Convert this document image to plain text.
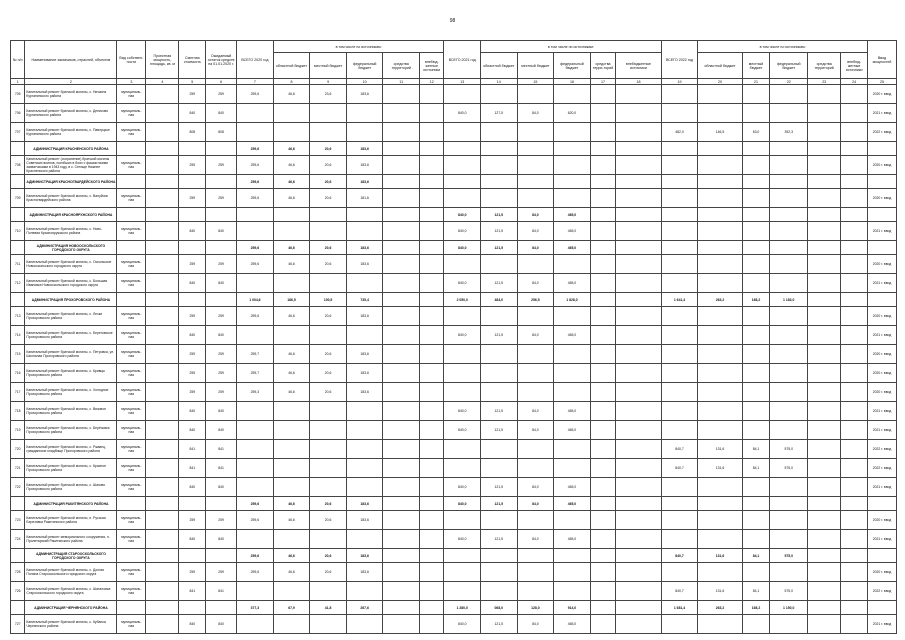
98
№ п/п	Наименование заказчиков, отраслей, объектов	Вид собствен-ности	Проектная мощность, площадь, кв. м	Сметная стоимость	Ожидаемый остаток средств на 01.01.2020 г.	ВСЕГО 2020 год	в том числе по источникам:					ВСЕГО 2021 год	в том числе по источникам:					ВСЕГО 2022 год	в том числе по источникам:					Ввод мощностей
							областной бюджет	местный бюджет	федеральный бюджет	средства территорий	внебюд-жетные источники		областной бюджет	местный бюджет	федеральный бюджет	средства терри-торий	внебюджетные источники		областной бюджет	местный бюджет	федеральный бюджет	средства территорий	внебюд-жетные источники	
1	2	3	4	5	6	7	8	9	10	11	12	13	14	15	16	17	18	19	20	21	22	23	24	25
705	Капитальный ремонт братской могилы, с. Ничкина Курганинского района	муниципаль-ная		259	259	259,6	46,6	23,6	183,6															2020 г. ввод
706	Капитальный ремонт братской могилы, с. Денисово Курганинского района	муниципаль-ная		840	840							840,0	127,5	84,0	620,0									2021 г. ввод
707	Капитальный ремонт братской могилы, с. Павлуцкое Курганинского района	муниципаль-ная		808	808													482,0	146,5	63,0	392,3			2022 г. ввод
	АДМИНИСТРАЦИЯ КРАСНЕНСКОГО РАЙОНА					259,6	46,6	20,6	183,6															
708	Капитальный ремонт (сохранение) братской могилы Советских воинов, погибших в боях с фашистскими захватчиками в 1943 году, в с. Сетище Нижнее Красненского района	муниципаль-ная		259	259	259,6	46,6	20,6	183,6															2020 г. ввод
	АДМИНИСТРАЦИЯ КРАСНОГВАРДЕЙСКОГО РАЙОНА					259,6	46,6	20,6	183,6															
709	Капитальный ремонт братской могилы, с. Валуйчик Красногвардейского района	муниципаль-ная		259	259	259,6	46,6	20,6	181,6															2020 г. ввод
	АДМИНИСТРАЦИЯ КРАСНОЯРУЖСКОГО РАЙОНА											840,0	121,5	84,0	465,0									
710	Капитальный ремонт братской могилы, с. Ново-Полевая Краснояружского района	муниципаль-ная		840	840							840,0	121,5	84,0	465,0									2021 г. ввод
	АДМИНИСТРАЦИЯ НОВООСКОЛЬСКОГО ГОРОДСКОГО ОКРУГА					259,6	46,6	20,6	183,6			840,0	121,5	84,0	465,0									
711	Капитальный ремонт братской могилы, с. Оскольское Новооскольского городского округа	муниципаль-ная		259	259	259,6	46,6	20,6	183,6															2020 г. ввод
712	Капитальный ремонт братской могилы, с. Большая Ивановка Новооскольского городского округа	муниципаль-ная		840	840							840,0	121,5	84,0	465,0									2021 г. ввод
	АДМИНИСТРАЦИЯ ПРОХОРОВСКОГО РАЙОНА					1 004,6	186,5	100,5	735,4			2 050,0	484,0	256,5	1 828,0			1 641,4	263,2	168,2	1 183,0			
713	Капитальный ремонт братской могилы, с. Лески Прохоровского района	муниципаль-ная		259	259	259,6	46,6	20,6	183,6															2020 г. ввод
714	Капитальный ремонт братской могилы, с. Береговское Прохоровского района	муниципаль-ная		840	840							840,0	121,5	84,0	465,0									2021 г. ввод
715	Капитальный ремонт братской могилы, с. Петровка, ул. Школьная Прохоровского района	муниципаль-ная		259	259	259,7	46,6	20,6	183,6															2020 г. ввод
716	Капитальный ремонт братской могилы, с. Кривцы Прохоровского района	муниципаль-ная		259	259	259,7	46,6	20,6	183,6															2020 г. ввод
717	Капитальный ремонт братской могилы, с. Холодное Прохоровского района	муниципаль-ная		259	259	259,3	46,6	20,6	183,6															2020 г. ввод
718	Капитальный ремонт братской могилы, с. Вязовое Прохоровского района	муниципаль-ная		840	840							840,0	121,5	84,0	465,0									2021 г. ввод
719	Капитальный ремонт братской могилы, с. Берёзовка Прохоровского района	муниципаль-ная		840	840							840,0	121,5	84,0	465,0									2021 г. ввод
720	Капитальный ремонт братской могилы, с. Ржавец, гражданское кладбище Прохоровского района	муниципаль-ная		841	841													840,7	131,6	84,1	575,0			2022 г. ввод
721	Капитальный ремонт братской могилы, с. Красное Прохоровского района	муниципаль-ная		841	841													840,7	131,6	84,1	575,0			2022 г. ввод
722	Капитальный ремонт братской могилы, с. Шахово Прохоровского района	муниципаль-ная		840	840							840,0	121,5	84,0	465,0									2021 г. ввод
	АДМИНИСТРАЦИЯ РАКИТЯНСКОГО РАЙОНА					259,6	46,6	20,6	183,6			840,0	121,5	84,0	465,0									
723	Капитальный ремонт братской могилы, п. Русская Березовка Ракитянского района	муниципаль-ная		259	259	259,6	46,6	20,6	183,6															2020 г. ввод
724	Капитальный ремонт мемориального сооружения, п. Пролетарский Ракитянского района	муниципаль-ная		840	840							840,0	121,5	84,0	465,0									2021 г. ввод
	АДМИНИСТРАЦИЯ СТАРООСКОЛЬСКОГО ГОРОДСКОГО ОКРУГА					259,6	46,6	20,6	183,6									840,7	131,6	84,1	575,0			
725	Капитальный ремонт братской могилы, с. Долгая Поляна Старооскольского городского округа	муниципаль-ная		259	259	259,6	46,6	20,6	183,6															2020 г. ввод
726	Капитальный ремонт братской могилы, с. Шаталовка Старооскольского городского округа	муниципаль-ная		841	841													840,7	131,6	84,1	575,0			2022 г. ввод
	АДМИНИСТРАЦИЯ ЧЕРНЯНСКОГО РАЙОНА					377,3	67,9	41,8	267,6			1 280,0	068,0	128,0	914,0			1 681,4	263,2	168,2	1 150,0			
727	Капитальный ремонт братской могилы, с. Кубанка Чернянского района	муниципаль-ная		840	840							840,0	121,5	84,0	465,0									2021 г. ввод
